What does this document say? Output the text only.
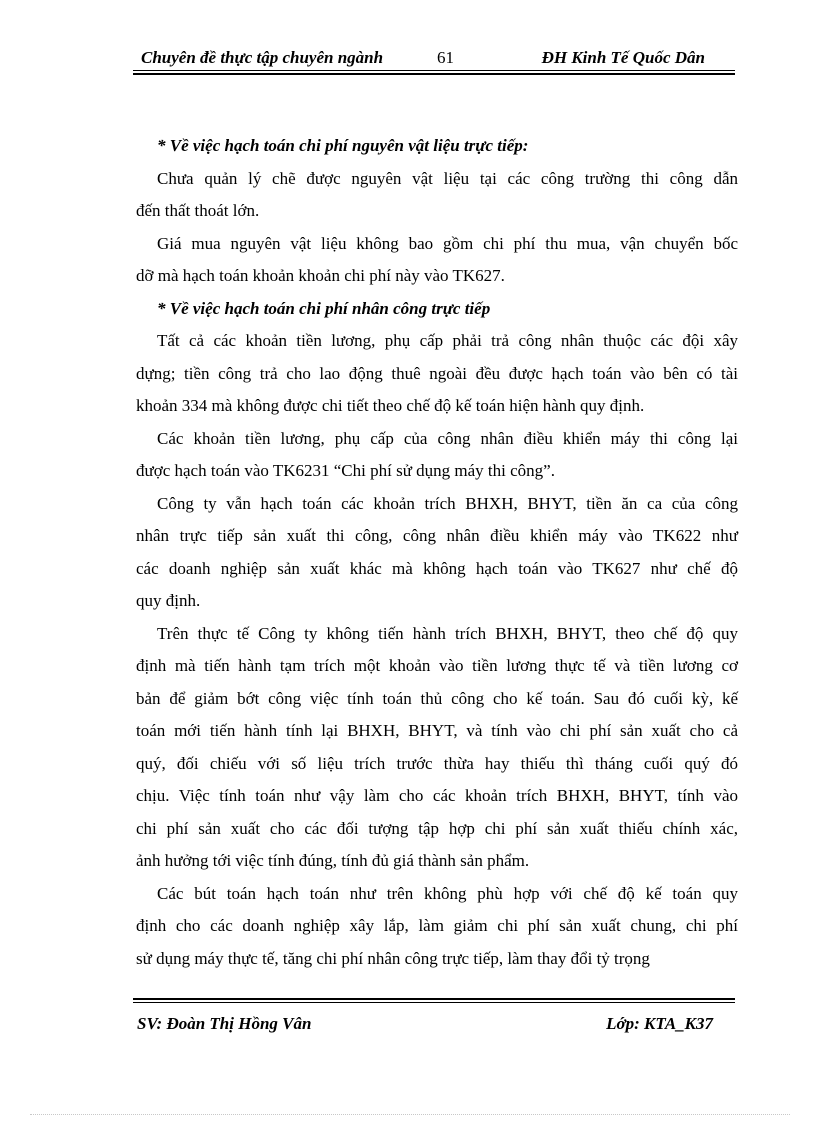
Chuyên đề thực tập chuyên ngành	61	ĐH Kinh Tế Quốc Dân
* Về việc hạch toán chi phí nguyên vật liệu trực tiếp:
Chưa quản lý chẽ được nguyên vật liệu tại các công trường thi công dẫn
đến thất thoát lớn.
Giá mua nguyên vật liệu không bao gồm chi phí thu mua, vận chuyển bốc
dỡ mà hạch toán khoản khoản chi phí này vào TK627.
* Về việc hạch toán chi phí nhân công trực tiếp
Tất cả các khoản tiền lương, phụ cấp phải trả công nhân thuộc các đội xây
dựng; tiền công trả cho lao động thuê ngoài đều được hạch toán vào bên có tài
khoản 334 mà không được chi tiết theo chế độ kế toán hiện hành quy định.
Các khoản tiền lương, phụ cấp của công nhân điều khiển máy thi công lại
được hạch toán vào TK6231 “Chi phí sử dụng máy thi công”.
Công ty vẫn hạch toán các khoản trích BHXH, BHYT, tiền ăn ca của công
nhân trực tiếp sản xuất thi công, công nhân điều khiển máy vào TK622 như
các doanh nghiệp sản xuất khác mà không hạch toán vào TK627 như chế độ
quy định.
Trên thực tế Công ty không tiến hành trích BHXH, BHYT, theo chế độ quy
định mà tiến hành tạm trích một khoản vào tiền lương thực tế và tiền lương cơ
bản để giảm bớt công việc tính toán thủ công cho kế toán. Sau đó cuối kỳ, kế
toán mới tiến hành tính lại BHXH, BHYT, và tính vào chi phí sản xuất cho cả
quý, đối chiếu với số liệu trích trước thừa hay thiếu thì tháng cuối quý đó
chịu. Việc tính toán như vậy làm cho các khoản trích BHXH, BHYT, tính vào
chi phí sản xuất cho các đối tượng tập hợp chi phí sản xuất thiếu chính xác,
ảnh hưởng tới việc tính đúng, tính đủ giá thành sản phẩm.
Các bút toán hạch toán như trên không phù hợp với chế độ kế toán quy
định cho các doanh nghiệp xây lắp, làm giảm chi phí sản xuất chung, chi phí
sử dụng máy thực tế, tăng chi phí nhân công trực tiếp, làm thay đổi tỷ trọng
SV: Đoàn Thị Hồng Vân	Lớp: KTA_K37
